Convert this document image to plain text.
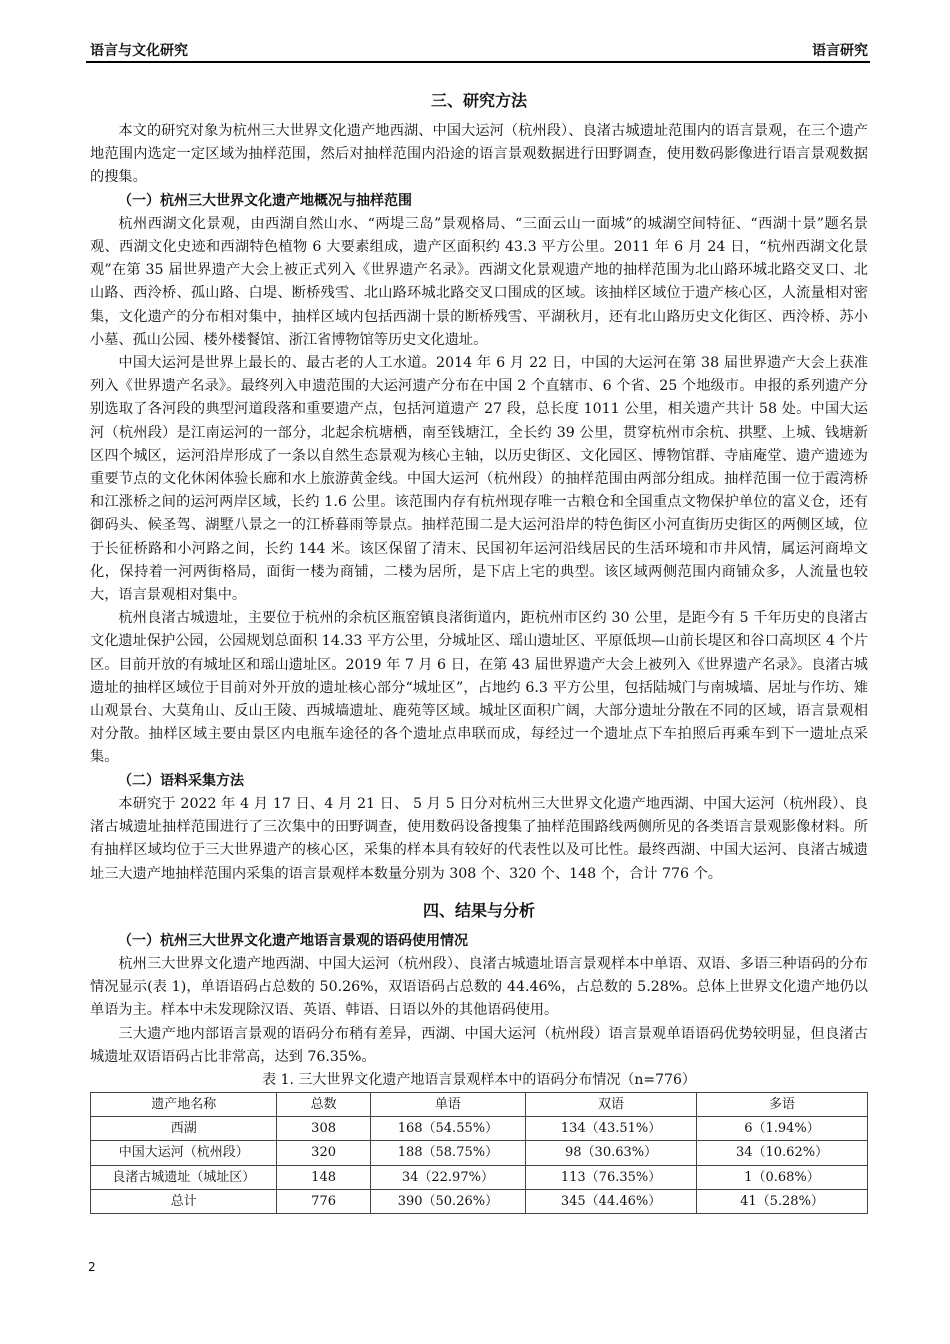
语言与文化研究	语言研究
三、研究方法

本文的研究对象为杭州三大世界文化遗产地西湖、中国大运河（杭州段）、良渚古城遗址范围内的语言景观，在三个遗产地范围内选定一定区域为抽样范围，然后对抽样范围内沿途的语言景观数据进行田野调查，使用数码影像进行语言景观数据的搜集。

（一）杭州三大世界文化遗产地概况与抽样范围

杭州西湖文化景观，由西湖自然山水、“两堤三岛”景观格局、“三面云山一面城”的城湖空间特征、“西湖十景”题名景观、西湖文化史迹和西湖特色植物 6 大要素组成，遗产区面积约 43.3 平方公里。2011 年 6 月 24 日，“杭州西湖文化景观”在第 35 届世界遗产大会上被正式列入《世界遗产名录》。西湖文化景观遗产地的抽样范围为北山路环城北路交叉口、北山路、西泠桥、孤山路、白堤、断桥残雪、北山路环城北路交叉口围成的区域。该抽样区域位于遗产核心区，人流量相对密集，文化遗产的分布相对集中，抽样区域内包括西湖十景的断桥残雪、平湖秋月，还有北山路历史文化街区、西泠桥、苏小小墓、孤山公园、楼外楼餐馆、浙江省博物馆等历史文化遗址。

中国大运河是世界上最长的、最古老的人工水道。2014 年 6 月 22 日，中国的大运河在第 38 届世界遗产大会上获准列入《世界遗产名录》。最终列入申遗范围的大运河遗产分布在中国 2 个直辖市、6 个省、25 个地级市。申报的系列遗产分别选取了各河段的典型河道段落和重要遗产点，包括河道遗产 27 段，总长度 1011 公里，相关遗产共计 58 处。中国大运河（杭州段）是江南运河的一部分，北起余杭塘栖，南至钱塘江，全长约 39 公里，贯穿杭州市余杭、拱墅、上城、钱塘新区四个城区，运河沿岸形成了一条以自然生态景观为核心主轴，以历史街区、文化园区、博物馆群、寺庙庵堂、遗产遗迹为重要节点的文化休闲体验长廊和水上旅游黄金线。中国大运河（杭州段）的抽样范围由两部分组成。抽样范围一位于霞湾桥和江涨桥之间的运河两岸区域，长约 1.6 公里。该范围内存有杭州现存唯一古粮仓和全国重点文物保护单位的富义仓，还有御码头、候圣驾、湖墅八景之一的江桥暮雨等景点。抽样范围二是大运河沿岸的特色街区小河直街历史街区的两侧区域，位于长征桥路和小河路之间，长约 144 米。该区保留了清末、民国初年运河沿线居民的生活环境和市井风情，属运河商埠文化，保持着一河两街格局，面街一楼为商铺，二楼为居所，是下店上宅的典型。该区域两侧范围内商铺众多，人流量也较大，语言景观相对集中。

杭州良渚古城遗址，主要位于杭州的余杭区瓶窑镇良渚街道内，距杭州市区约 30 公里，是距今有 5 千年历史的良渚古文化遗址保护公园，公园规划总面积 14.33 平方公里，分城址区、瑶山遗址区、平原低坝—山前长堤区和谷口高坝区 4 个片区。目前开放的有城址区和瑶山遗址区。2019 年 7 月 6 日，在第 43 届世界遗产大会上被列入《世界遗产名录》。良渚古城遗址的抽样区域位于目前对外开放的遗址核心部分“城址区”，占地约 6.3 平方公里，包括陆城门与南城墙、居址与作坊、雉山观景台、大莫角山、反山王陵、西城墙遗址、鹿苑等区域。城址区面积广阔，大部分遗址分散在不同的区域，语言景观相对分散。抽样区域主要由景区内电瓶车途径的各个遗址点串联而成，每经过一个遗址点下车拍照后再乘车到下一遗址点采集。

（二）语料采集方法

本研究于 2022 年 4 月 17 日、4 月 21 日、 5 月 5 日分对杭州三大世界文化遗产地西湖、中国大运河（杭州段）、良渚古城遗址抽样范围进行了三次集中的田野调查，使用数码设备搜集了抽样范围路线两侧所见的各类语言景观影像材料。所有抽样区域均位于三大世界遗产的核心区，采集的样本具有较好的代表性以及可比性。最终西湖、中国大运河、良渚古城遗址三大遗产地抽样范围内采集的语言景观样本数量分别为 308 个、320 个、148 个，合计 776 个。

四、结果与分析
（一）杭州三大世界文化遗产地语言景观的语码使用情况

杭州三大世界文化遗产地西湖、中国大运河（杭州段）、良渚古城遗址语言景观样本中单语、双语、多语三种语码的分布情况显示(表 1)，单语语码占总数的 50.26%，双语语码占总数的 44.46%，占总数的 5.28%。总体上世界文化遗产地仍以单语为主。样本中未发现除汉语、英语、韩语、日语以外的其他语码使用。

三大遗产地内部语言景观的语码分布稍有差异，西湖、中国大运河（杭州段）语言景观单语语码优势较明显，但良渚古城遗址双语语码占比非常高，达到 76.35%。

表 1. 三大世界文化遗产地语言景观样本中的语码分布情况（n=776）
遗产地名称	总数	单语	双语	多语
西湖	308	168（54.55%）	134（43.51%）	6（1.94%）
中国大运河（杭州段）	320	188（58.75%）	98（30.63%）	34（10.62%）
良渚古城遗址（城址区）	148	34（22.97%）	113（76.35%）	1（0.68%）
总计	776	390（50.26%）	345（44.46%）	41（5.28%）
2
